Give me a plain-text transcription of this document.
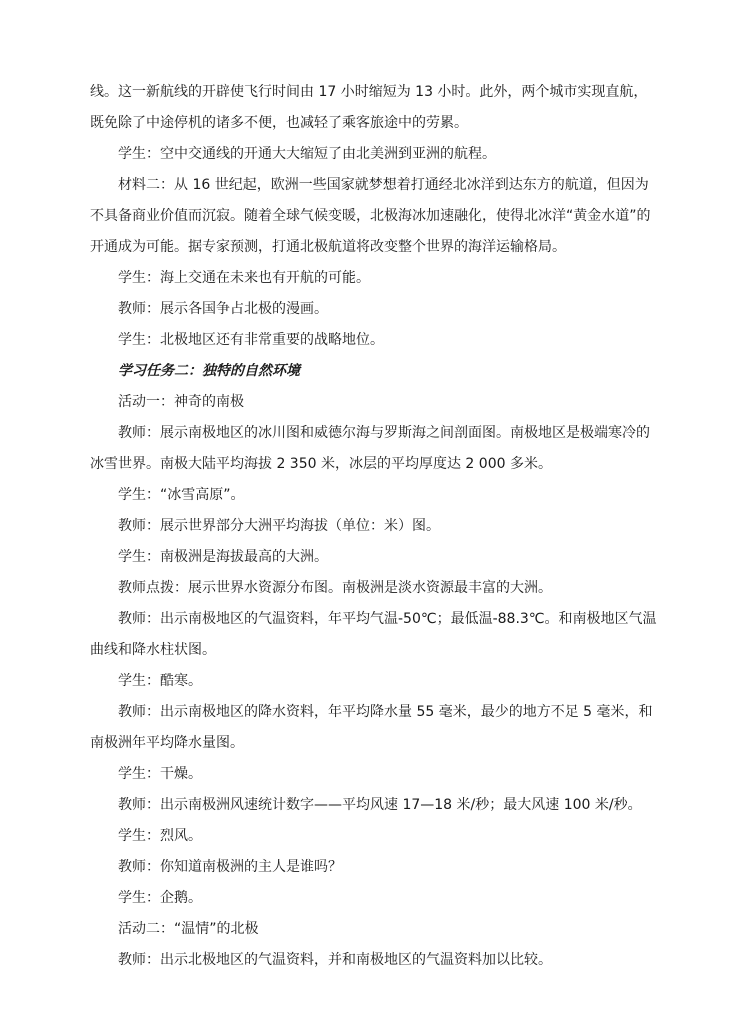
线。这一新航线的开辟使飞行时间由 17 小时缩短为 13 小时。此外，两个城市实现直航，既免除了中途停机的诸多不便，也减轻了乘客旅途中的劳累。

学生：空中交通线的开通大大缩短了由北美洲到亚洲的航程。

材料二：从 16 世纪起，欧洲一些国家就梦想着打通经北冰洋到达东方的航道，但因为不具备商业价值而沉寂。随着全球气候变暖，北极海冰加速融化，使得北冰洋“黄金水道”的开通成为可能。据专家预测，打通北极航道将改变整个世界的海洋运输格局。

学生：海上交通在未来也有开航的可能。

教师：展示各国争占北极的漫画。

学生：北极地区还有非常重要的战略地位。

学习任务二：独特的自然环境

活动一：神奇的南极

教师：展示南极地区的冰川图和威德尔海与罗斯海之间剖面图。南极地区是极端寒冷的冰雪世界。南极大陆平均海拔 2 350 米，冰层的平均厚度达 2 000 多米。

学生：“冰雪高原”。

教师：展示世界部分大洲平均海拔（单位：米）图。

学生：南极洲是海拔最高的大洲。

教师点拨：展示世界水资源分布图。南极洲是淡水资源最丰富的大洲。

教师：出示南极地区的气温资料，年平均气温-50℃；最低温-88.3℃。和南极地区气温曲线和降水柱状图。

学生：酷寒。

教师：出示南极地区的降水资料，年平均降水量 55 毫米，最少的地方不足 5 毫米，和南极洲年平均降水量图。

学生：干燥。

教师：出示南极洲风速统计数字——平均风速 17—18 米/秒；最大风速 100 米/秒。

学生：烈风。

教师：你知道南极洲的主人是谁吗？

学生：企鹅。

活动二：“温情”的北极

教师：出示北极地区的气温资料，并和南极地区的气温资料加以比较。
